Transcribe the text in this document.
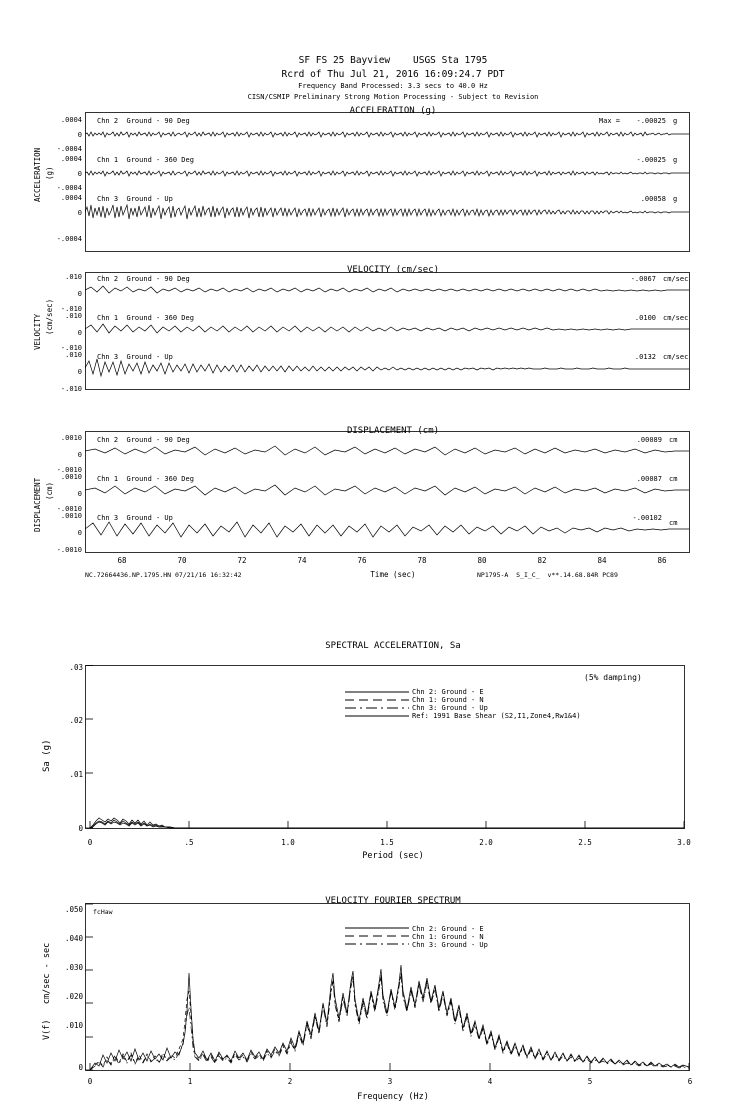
SF FS 25 Bayview    USGS Sta 1795
Rcrd of Thu Jul 21, 2016 16:09:24.7 PDT
Frequency Band Processed: 3.3 secs to 40.0 Hz
CISN/CSMIP Preliminary Strong Motion Processing - Subject to Revision
ACCELERATION (g)
ACCELERATION (g)
.0004
0
-.0004
.0004
0
-.0004
.0004
0
-.0004
Chn 2  Ground - 90 Deg
Chn 1  Ground - 360 Deg
Chn 3  Ground - Up
Max = -.00025 g
-.00025 g
.00058 g
VELOCITY (cm/sec)
VELOCITY (cm/sec)
.010
0
-.010
.010
0
-.010
.010
0
-.010
Chn 2  Ground - 90 Deg
Chn 1  Ground - 360 Deg
Chn 3  Ground - Up
-.0067 cm/sec
.0100 cm/sec
.0132 cm/sec
DISPLACEMENT (cm)
DISPLACEMENT (cm)
.0010
0
-.0010
.0010
0
-.0010
.0010
0
-.0010
Chn 2  Ground - 90 Deg
Chn 1  Ground - 360 Deg
Chn 3  Ground - Up
.00089 cm
.00087 cm
-.00102
cm
68	70	72	74	76	78	80	82	84	86
NC.72664436.NP.1795.HN 07/21/16 16:32:42	Time (sec)	NP1795-A  S_I_C_  v**.14.68.84R PC89
SPECTRAL ACCELERATION, Sa
Sa (g)
(5% damping)
.03
.02
.01
0
0	.5	1.0	1.5	2.0	2.5	3.0
Period (sec)
Chn 2: Ground - E
Chn 1: Ground - N
Chn 3: Ground - Up
Ref: 1991 Base Shear (S2,I1,Zone4,Rw1&4)
VELOCITY FOURIER SPECTRUM
V(f)   cm/sec - sec
fcHaw
.050
.040
.030
.020
.010
0
0	1	2	3	4	5	6
Frequency (Hz)
Chn 2: Ground - E
Chn 1: Ground - N
Chn 3: Ground - Up
